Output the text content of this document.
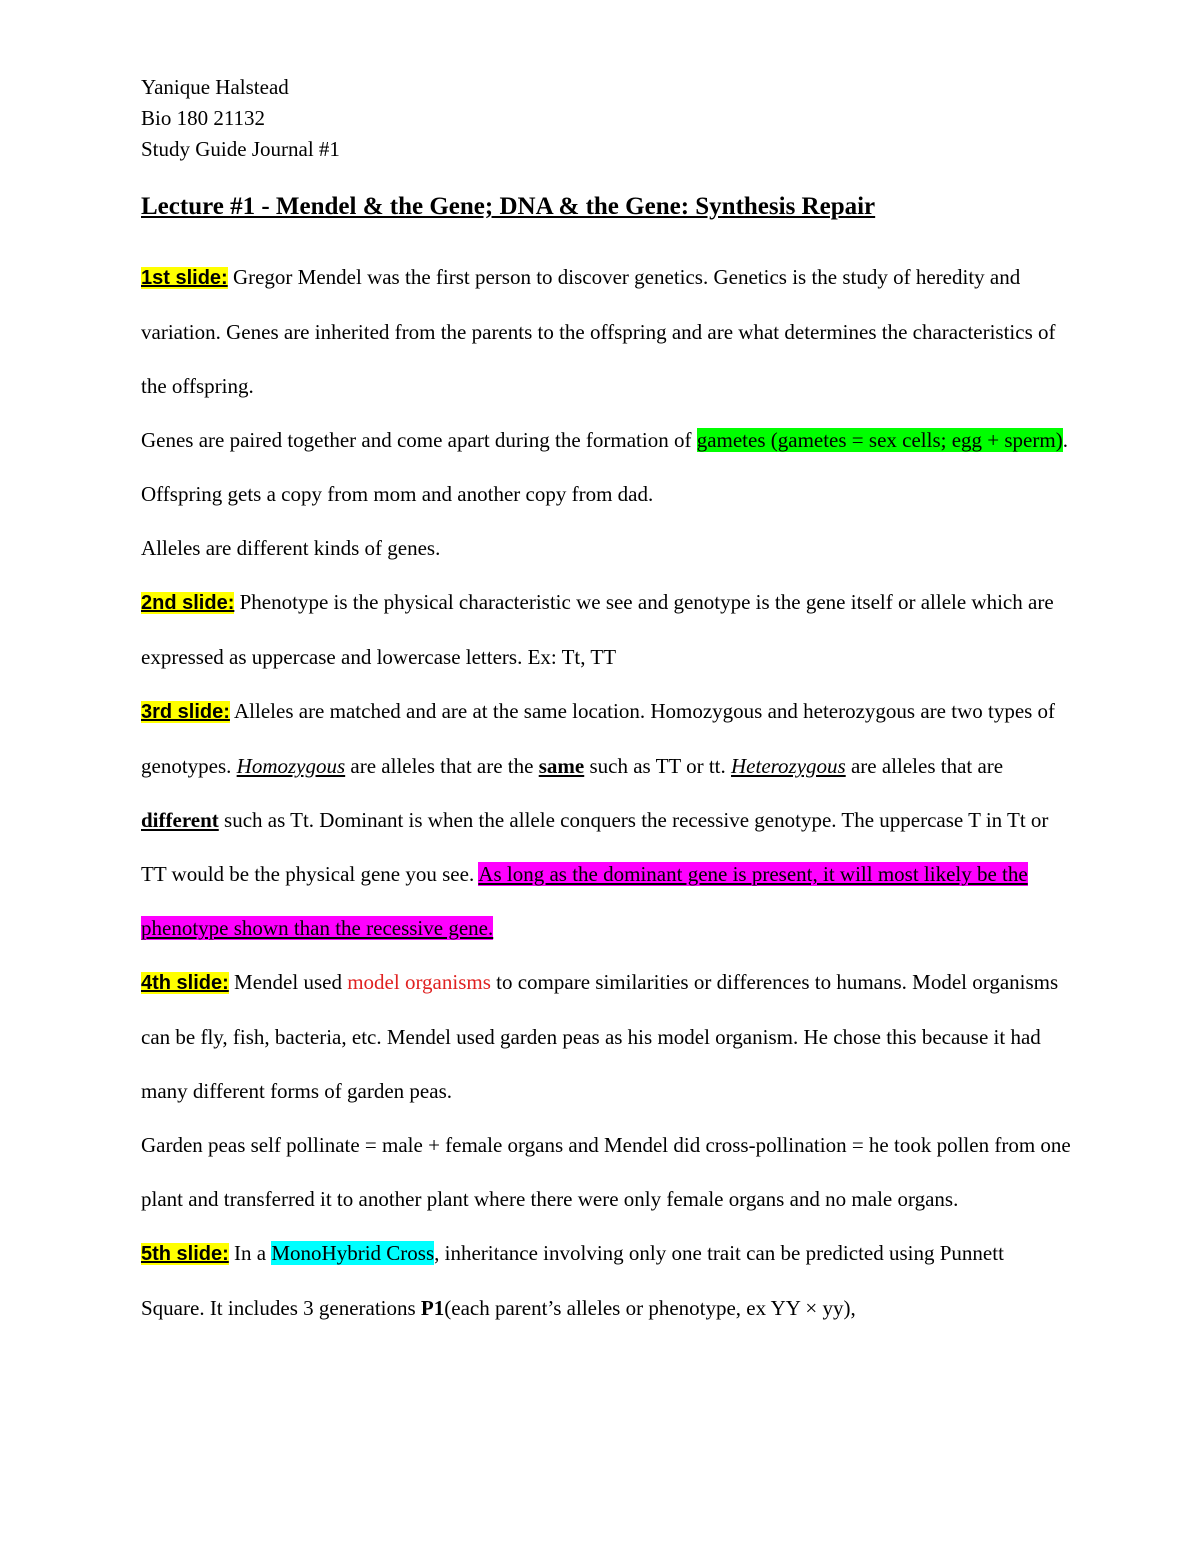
Yanique Halstead
Bio 180 21132
Study Guide Journal #1
Lecture #1 - Mendel & the Gene; DNA & the Gene: Synthesis Repair

1st slide: Gregor Mendel was the first person to discover genetics. Genetics is the study of heredity and variation. Genes are inherited from the parents to the offspring and are what determines the characteristics of the offspring.

Genes are paired together and come apart during the formation of gametes (gametes = sex cells; egg + sperm). Offspring gets a copy from mom and another copy from dad.

Alleles are different kinds of genes.

2nd slide: Phenotype is the physical characteristic we see and genotype is the gene itself or allele which are expressed as uppercase and lowercase letters. Ex: Tt, TT

3rd slide: Alleles are matched and are at the same location. Homozygous and heterozygous are two types of genotypes. Homozygous are alleles that are the same such as TT or tt. Heterozygous are alleles that are different such as Tt. Dominant is when the allele conquers the recessive genotype. The uppercase T in Tt or TT would be the physical gene you see. As long as the dominant gene is present, it will most likely be the phenotype shown than the recessive gene.

4th slide: Mendel used model organisms to compare similarities or differences to humans. Model organisms can be fly, fish, bacteria, etc. Mendel used garden peas as his model organism. He chose this because it had many different forms of garden peas.

Garden peas self pollinate = male + female organs and Mendel did cross-pollination = he took pollen from one plant and transferred it to another plant where there were only female organs and no male organs.

5th slide: In a MonoHybrid Cross, inheritance involving only one trait can be predicted using Punnett Square. It includes 3 generations P1(each parent’s alleles or phenotype, ex YY × yy),
